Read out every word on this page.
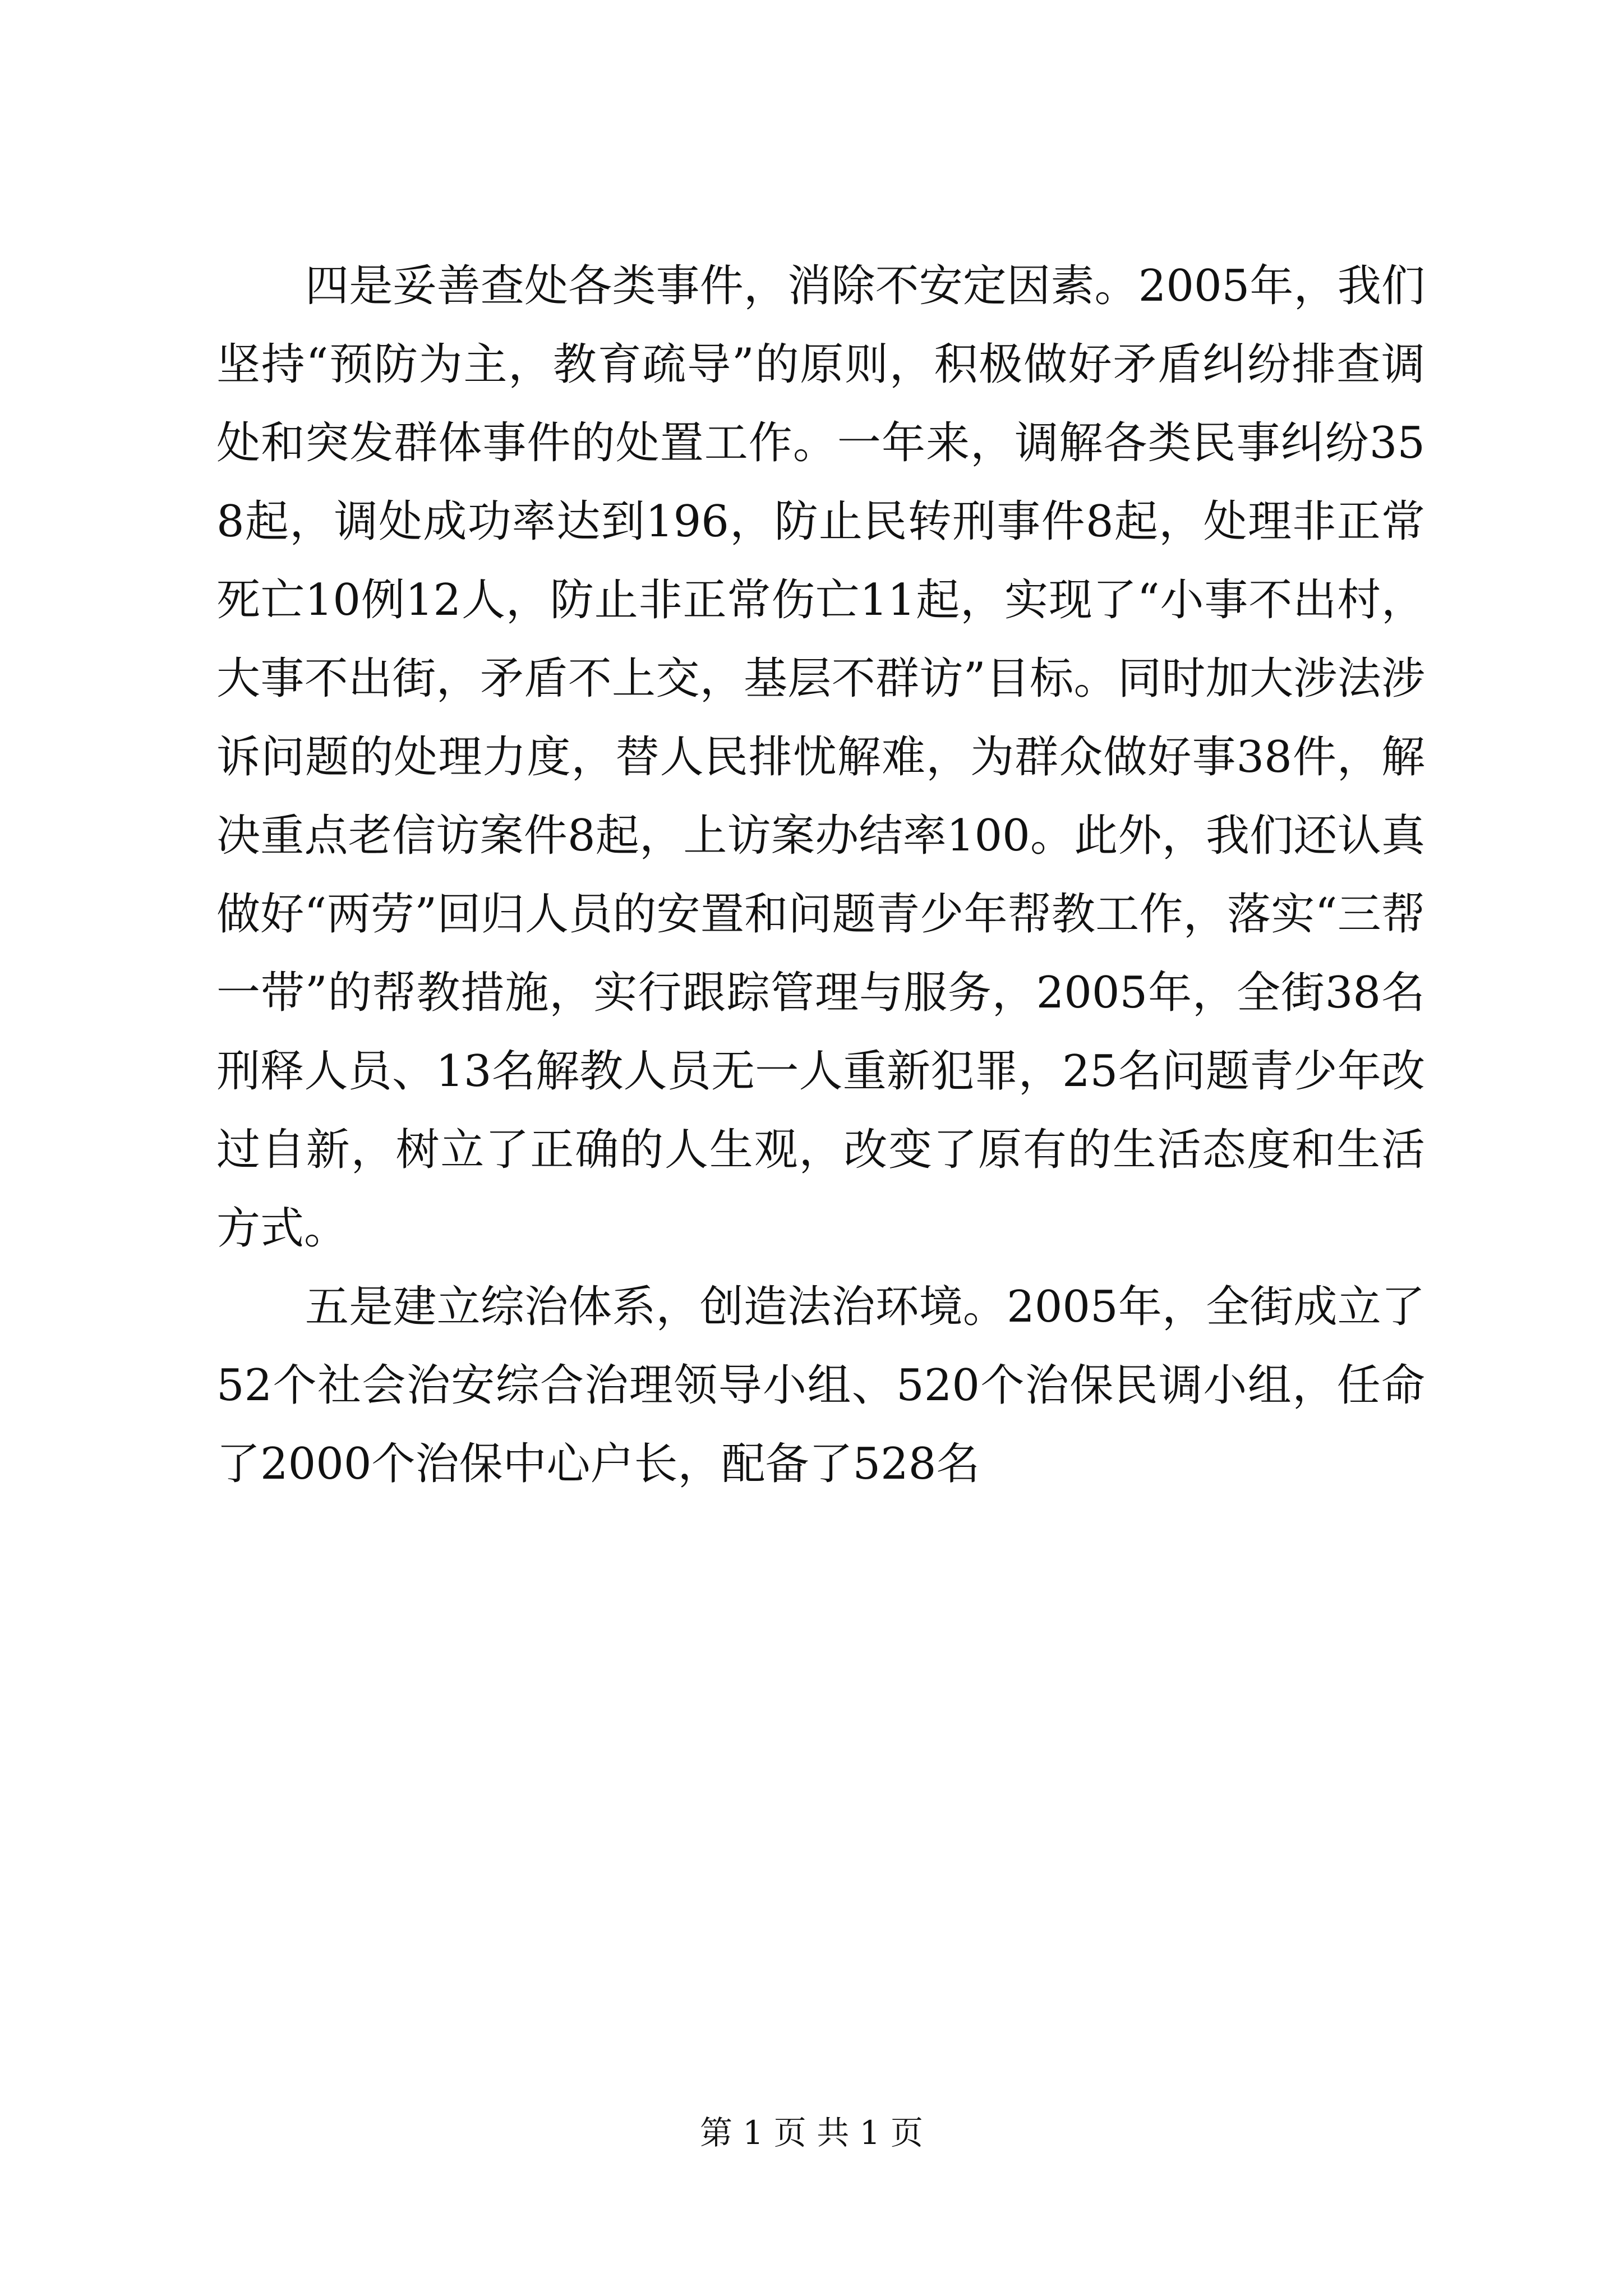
四是妥善查处各类事件，消除不安定因素。2005年，我们坚持“预防为主，教育疏导”的原则，积极做好矛盾纠纷排查调处和突发群体事件的处置工作。一年来，调解各类民事纠纷358起，调处成功率达到196，防止民转刑事件8起，处理非正常死亡10例12人，防止非正常伤亡11起，实现了“小事不出村，大事不出街，矛盾不上交，基层不群访”目标。同时加大涉法涉诉问题的处理力度，替人民排忧解难，为群众做好事38件，解决重点老信访案件8起，上访案办结率100。此外，我们还认真做好“两劳”回归人员的安置和问题青少年帮教工作，落实“三帮一带”的帮教措施，实行跟踪管理与服务，2005年，全街38名刑释人员、13名解教人员无一人重新犯罪，25名问题青少年改过自新，树立了正确的人生观，改变了原有的生活态度和生活方式。

五是建立综治体系，创造法治环境。2005年，全街成立了52个社会治安综合治理领导小组、520个治保民调小组，任命了2000个治保中心户长，配备了528名

第 1 页 共 1 页
